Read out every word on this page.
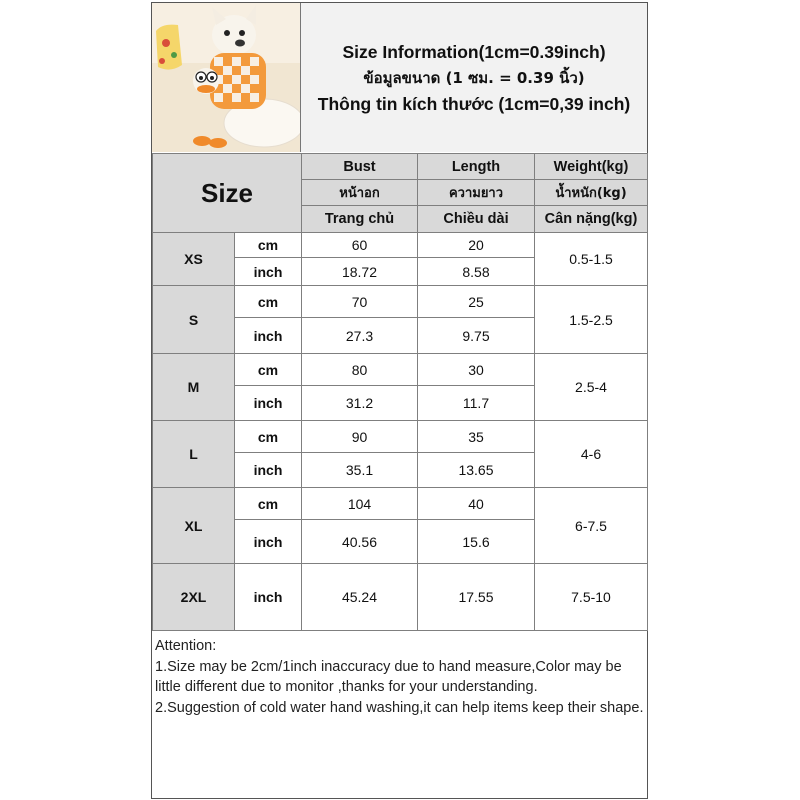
Size Information(1cm=0.39inch)
ข้อมูลขนาด (1 ซม. = 0.39 นิ้ว)
Thông tin kích thước (1cm=0,39 inch)
Size		Bust	Length	Weight(kg)
		หน้าอก	ความยาว	น้ำหนัก(kg)
		Trang chủ	Chiều dài	Cân nặng(kg)
XS	cm	60	20	0.5-1.5
	inch	18.72	8.58	
S	cm	70	25	1.5-2.5
	inch	27.3	9.75	
M	cm	80	30	2.5-4
	inch	31.2	11.7	
L	cm	90	35	4-6
	inch	35.1	13.65	
XL	cm	104	40	6-7.5
	inch	40.56	15.6	
2XL	inch	45.24	17.55	7.5-10

Attention:

1.Size may be 2cm/1inch inaccuracy due to hand measure,Color may be little different due to monitor ,thanks for your understanding.

2.Suggestion of cold water hand washing,it can help items keep their shape.
